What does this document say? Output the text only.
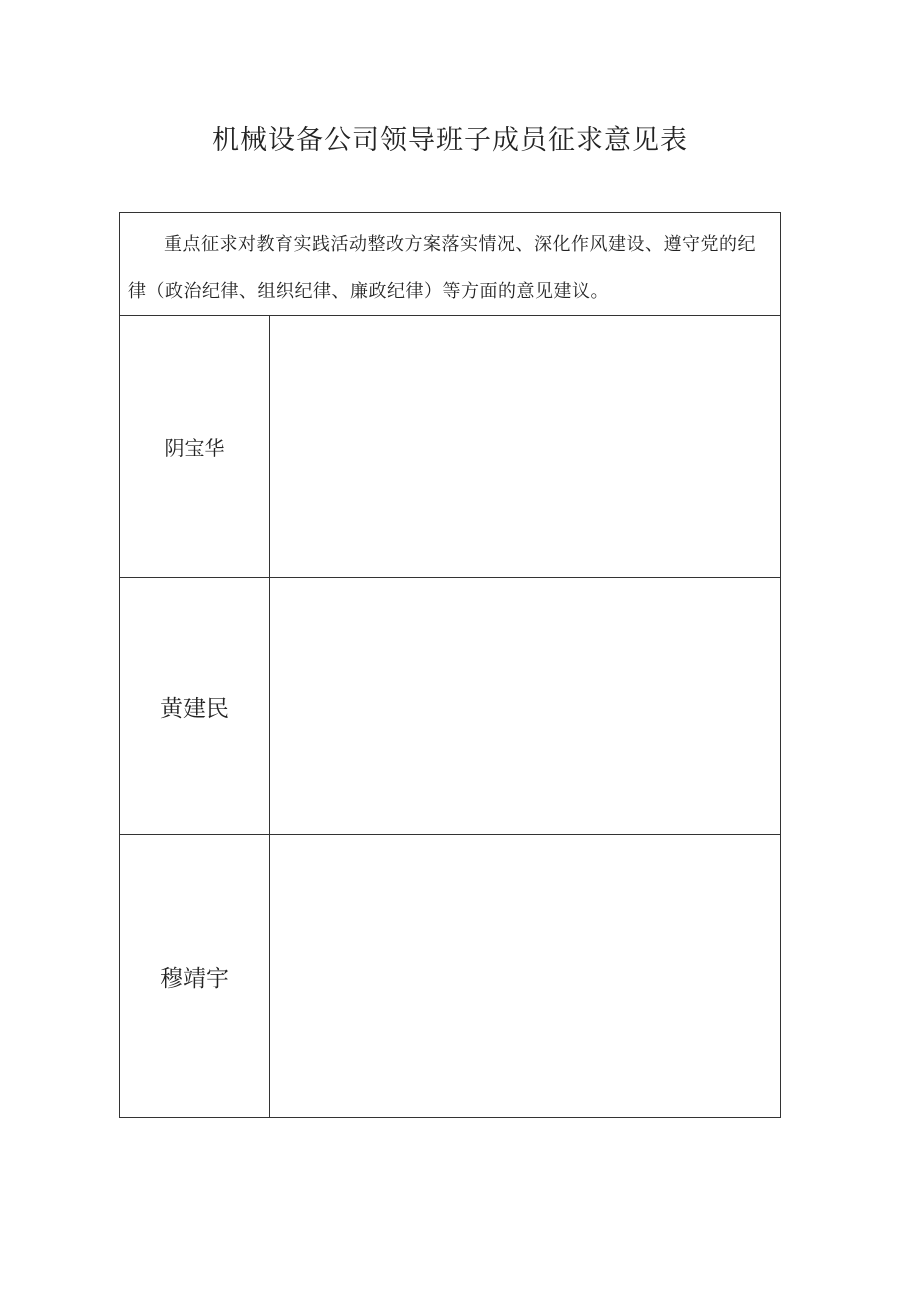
机械设备公司领导班子成员征求意见表

重点征求对教育实践活动整改方案落实情况、深化作风建设、遵守党的纪律（政治纪律、组织纪律、廉政纪律）等方面的意见建议。	

阴宝华	
黄建民	
穆靖宇	
